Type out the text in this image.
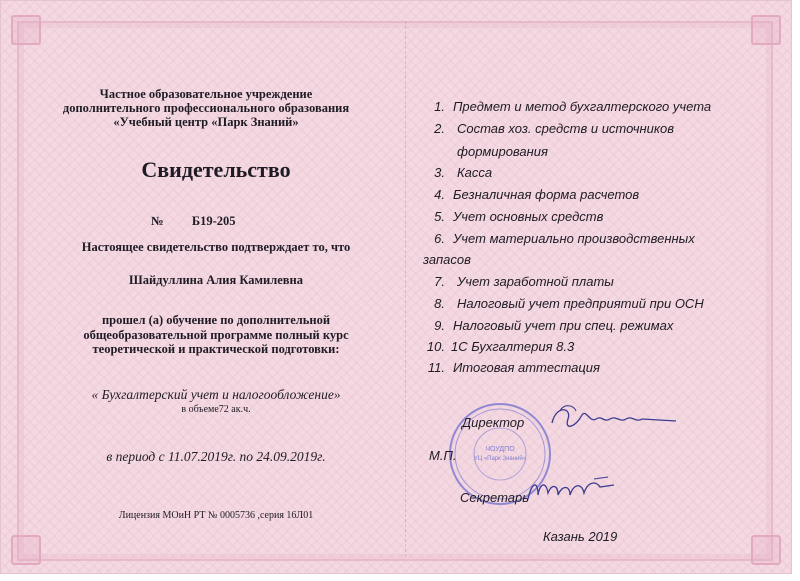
Частное образовательное учреждение
дополнительного профессионального образования
«Учебный центр «Парк Знаний»
Свидетельство
№ Б19-205
Настоящее свидетельство подтверждает то, что
Шайдуллина Алия Камилевна
прошел (а) обучение по дополнительной
общеобразовательной программе полный курс
теоретической и практической подготовки:
« Бухгалтерский учет и налогообложение»
в объеме72 ак.ч.
в период с 11.07.2019г. по 24.09.2019г.
Лицензия МОиН РТ № 0005736 ,серия 16Л01
1. Предмет и метод бухгалтерского учета
2. Состав хоз. средств и источников
формирования
3. Касса
4. Безналичная форма расчетов
5. Учет основных средств
6. Учет материально производственных
запасов
7. Учет заработной платы
8. Налоговый учет предприятий при ОСН
9. Налоговый учет при спец. режимах
10. 1С Бухгалтерия 8.3
11. Итоговая аттестация
ЧОУДПО
УЦ «Парк Знаний»
Директор
М.П.
Секретарь
Казань 2019
